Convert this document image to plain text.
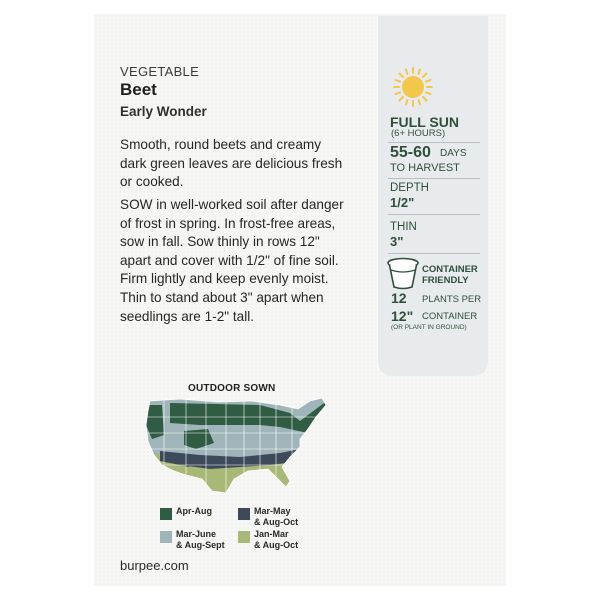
VEGETABLE
Beet
Early Wonder
Smooth, round beets and creamy dark green leaves are delicious fresh or cooked.
SOW in well-worked soil after danger of frost in spring. In frost-free areas, sow in fall. Sow thinly in rows 12" apart and cover with 1/2" of fine soil. Firm lightly and keep evenly moist. Thin to stand about 3" apart when seedlings are 1-2" tall.
FULL SUN
(6+ HOURS)
55-60 DAYS
TO HARVEST
DEPTH
1/2"
THIN
3"
CONTAINER
FRIENDLY
12 PLANTS PER
12" CONTAINER
(OR PLANT IN GROUND)
OUTDOOR SOWN
Apr-Aug	Mar-May
& Aug-Oct
Mar-June
& Aug-Sept
Jan-Mar
& Aug-Oct
burpee.com
